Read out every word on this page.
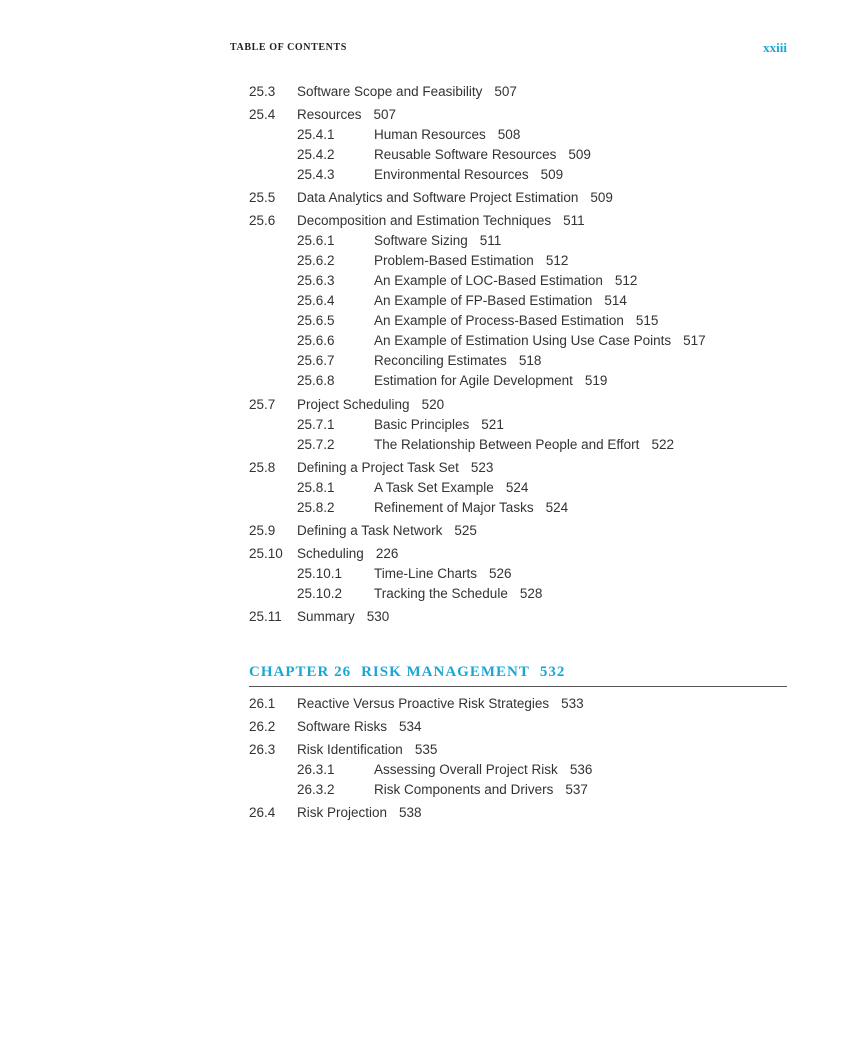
TABLE OF CONTENTS	xxiii
25.3 Software Scope and Feasibility 507
25.4 Resources 507
25.4.1	Human Resources 508
25.4.2	Reusable Software Resources 509
25.4.3	Environmental Resources 509
25.5 Data Analytics and Software Project Estimation 509
25.6 Decomposition and Estimation Techniques 511
25.6.1	Software Sizing 511
25.6.2	Problem-Based Estimation 512
25.6.3	An Example of LOC-Based Estimation 512
25.6.4	An Example of FP-Based Estimation 514
25.6.5	An Example of Process-Based Estimation 515
25.6.6	An Example of Estimation Using Use Case Points 517
25.6.7	Reconciling Estimates 518
25.6.8	Estimation for Agile Development 519
25.7 Project Scheduling 520
25.7.1	Basic Principles 521
25.7.2	The Relationship Between People and Effort 522
25.8 Defining a Project Task Set 523
25.8.1	A Task Set Example 524
25.8.2	Refinement of Major Tasks 524
25.9 Defining a Task Network 525
25.10 Scheduling 226
25.10.1 Time-Line Charts 526
25.10.2 Tracking the Schedule 528
25.11 Summary 530
CHAPTER 26 RISK MANAGEMENT 532
26.1 Reactive Versus Proactive Risk Strategies 533
26.2 Software Risks 534
26.3 Risk Identification 535
26.3.1	Assessing Overall Project Risk 536
26.3.2	Risk Components and Drivers 537
26.4 Risk Projection 538
